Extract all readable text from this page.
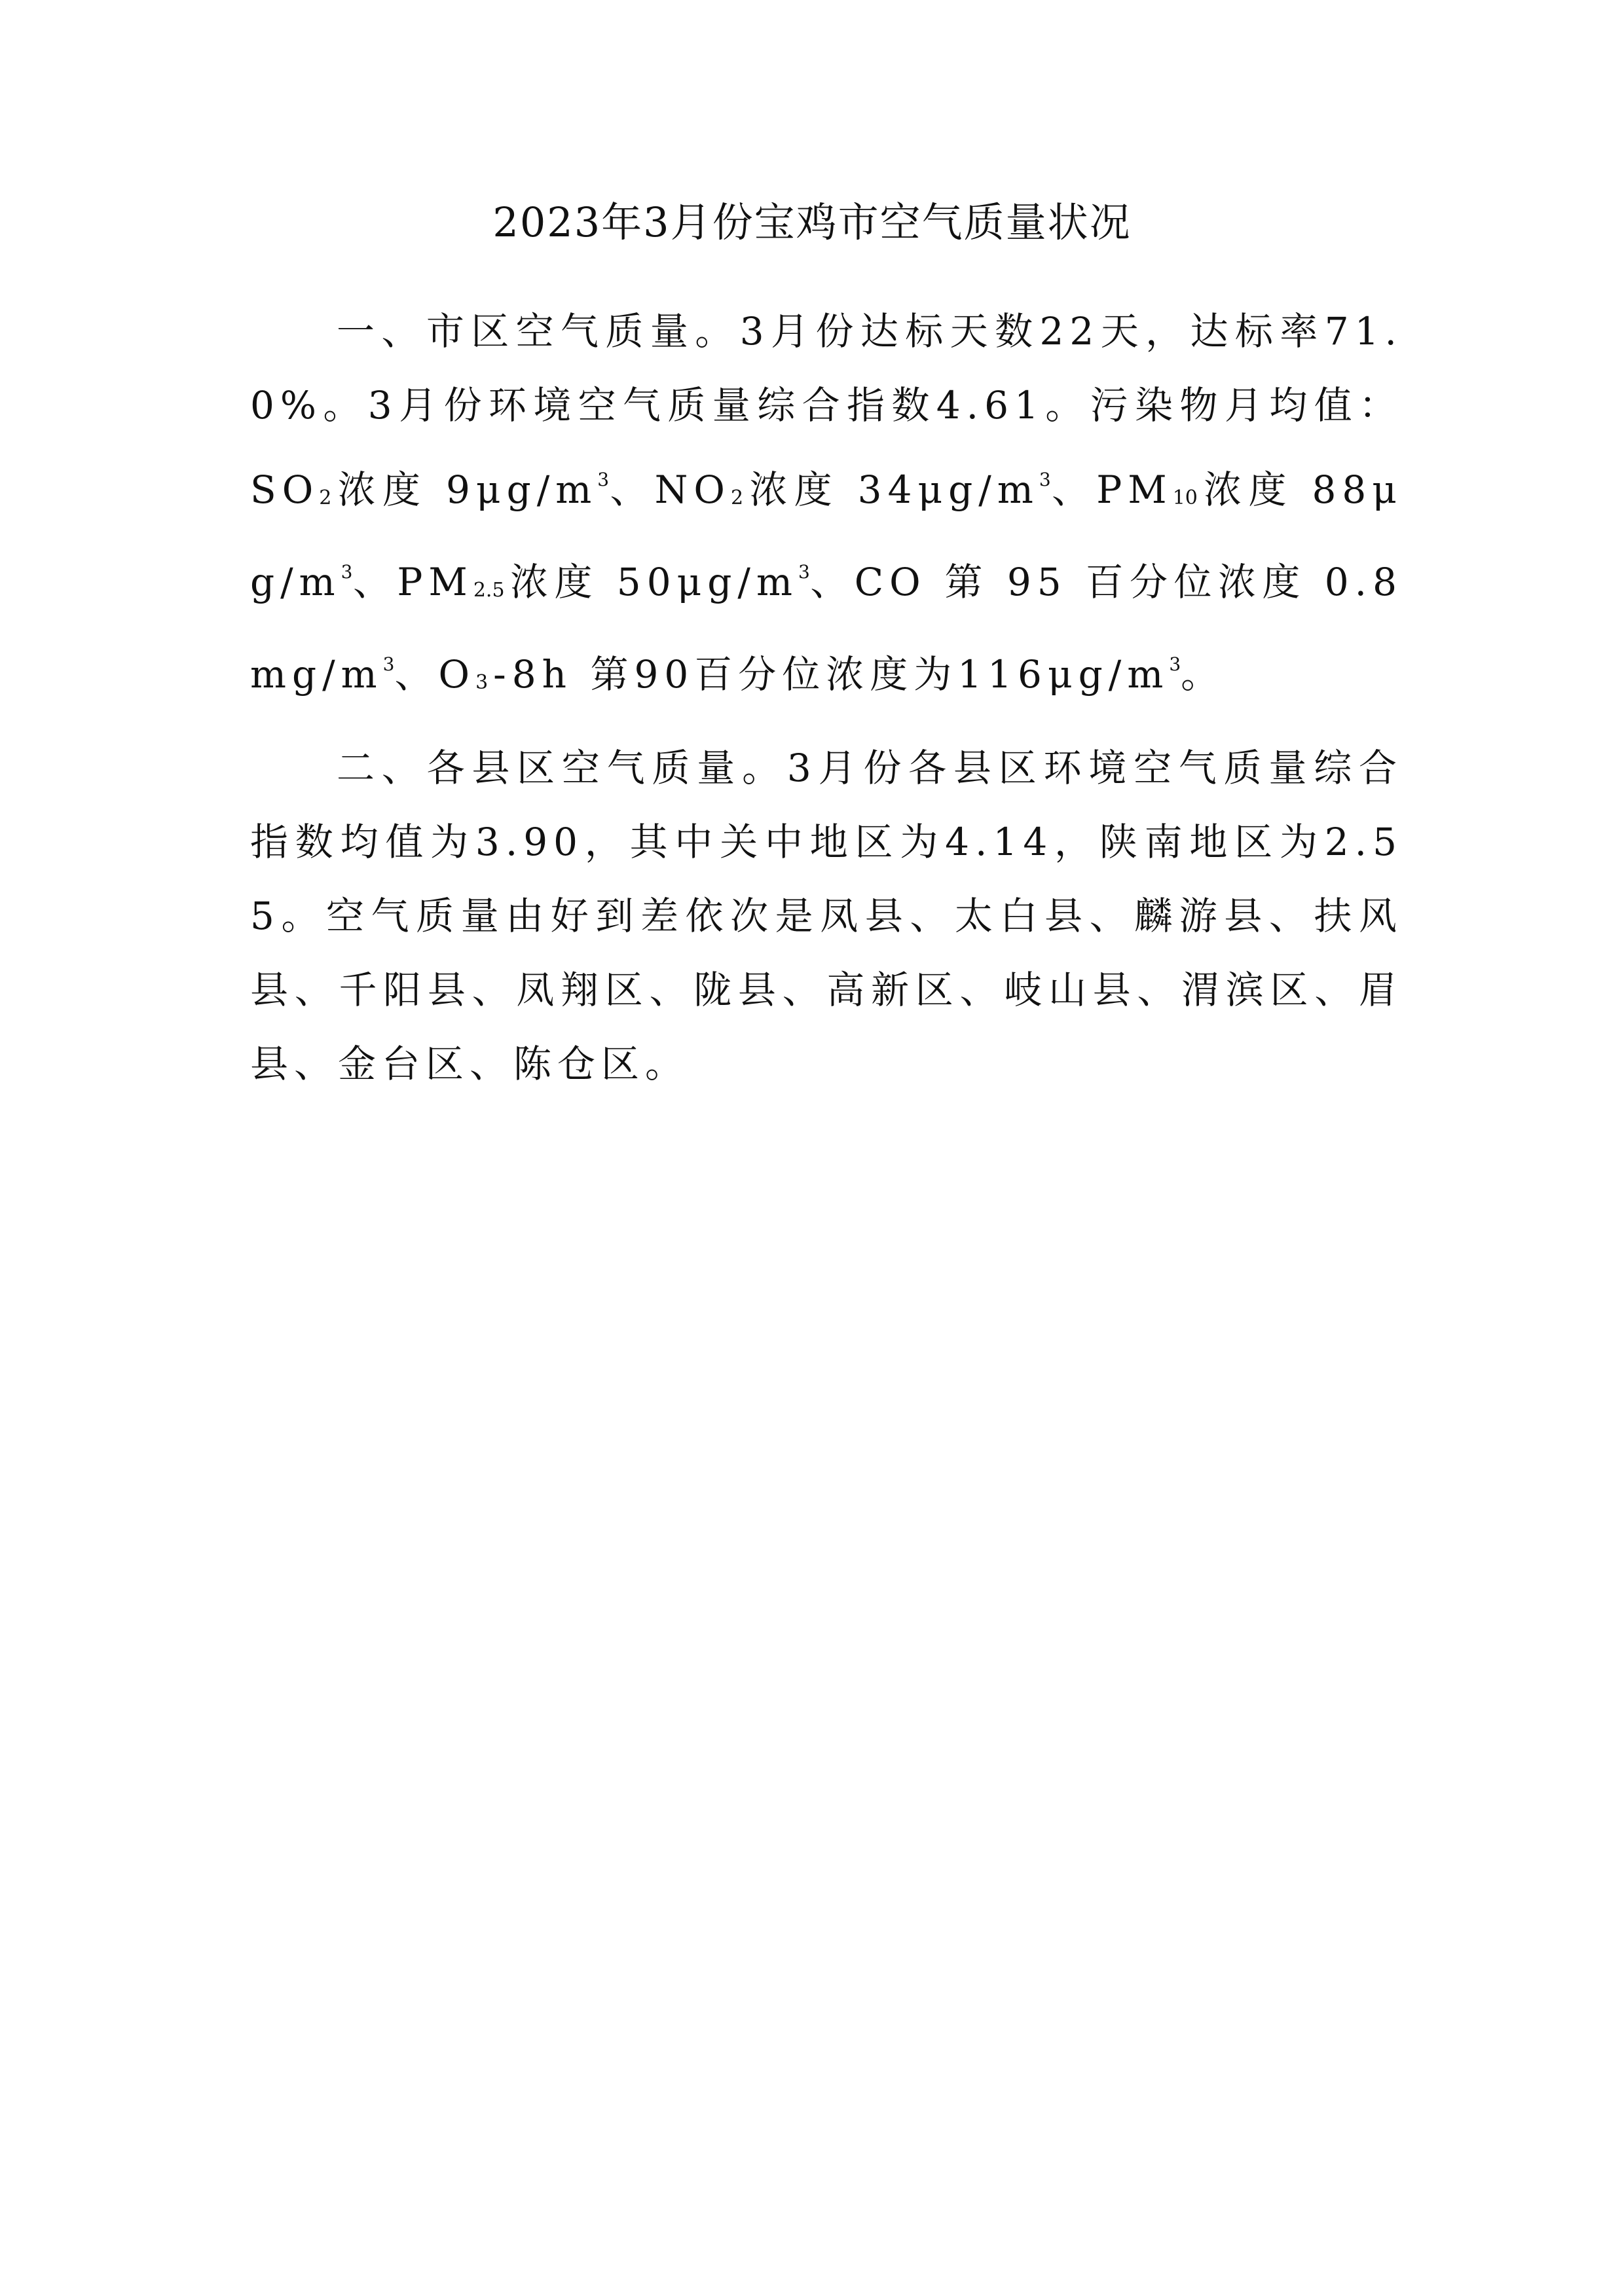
2023年3月份宝鸡市空气质量状况
一、市区空气质量。3月份达标天数22天，达标率71.0%。3月份环境空气质量综合指数4.61。污染物月均值：SO2 浓度 $9\mu g/m^3$、NO2 浓度 $34\mu g/m^3$、PM10 浓度 $88\mu g/m^3$、PM2.5 浓度 $50\mu g/m^3$、CO 第 95 百分位浓度 $0.8mg/m^3$、O3 -8h 第90百分位浓度为$116\mu g/m^3$。
二、各县区空气质量。3月份各县区环境空气质量综合指数均值为3.90，其中关中地区为4.14，陕南地区为2.55。空气质量由好到差依次是凤县、太白县、麟游县、扶风县、千阳县、凤翔区、陇县、高新区、岐山县、渭滨区、眉县、金台区、陈仓区。
